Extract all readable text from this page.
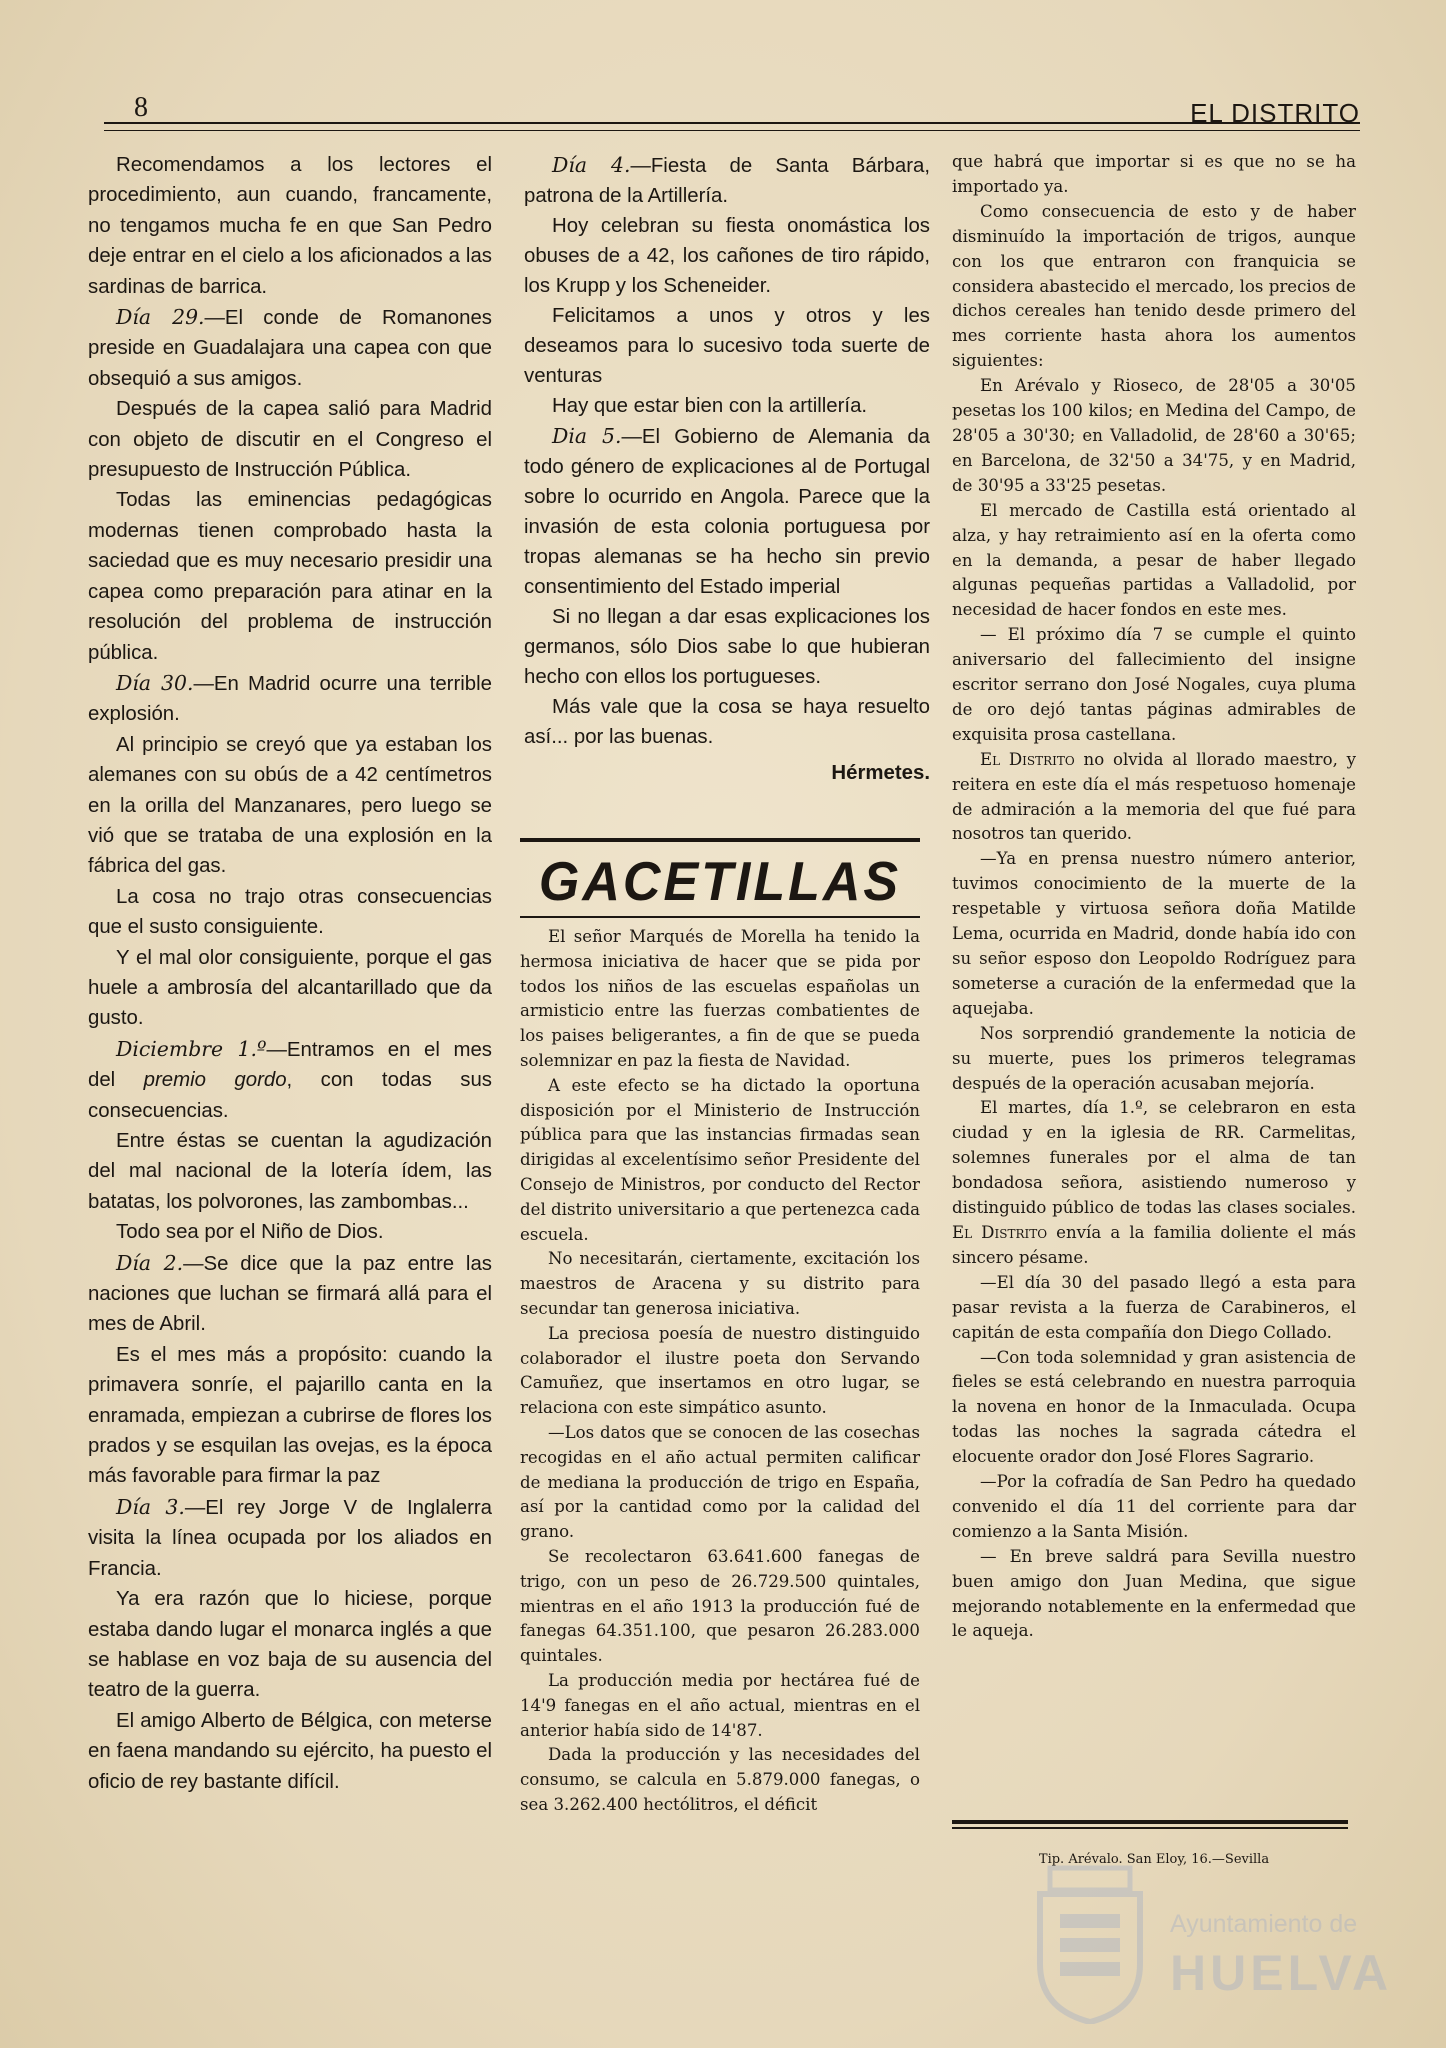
8	EL DISTRITO

Recomendamos a los lectores el procedimiento, aun cuando, francamente, no tengamos mucha fe en que San Pedro deje entrar en el cielo a los aficionados a las sardinas de barrica.

Día 29.—El conde de Romanones preside en Guadalajara una capea con que obsequió a sus amigos.

Después de la capea salió para Madrid con objeto de discutir en el Congreso el presupuesto de Instrucción Pública.

Todas las eminencias pedagógicas modernas tienen comprobado hasta la saciedad que es muy necesario presidir una capea como preparación para atinar en la resolución del problema de instrucción pública.

Día 30.—En Madrid ocurre una terrible explosión.

Al principio se creyó que ya estaban los alemanes con su obús de a 42 centímetros en la orilla del Manzanares, pero luego se vió que se trataba de una explosión en la fábrica del gas.

La cosa no trajo otras consecuencias que el susto consiguiente.

Y el mal olor consiguiente, porque el gas huele a ambrosía del alcantarillado que da gusto.

Diciembre 1.º—Entramos en el mes del premio gordo, con todas sus consecuencias.

Entre éstas se cuentan la agudización del mal nacional de la lotería ídem, las batatas, los polvorones, las zambombas...

Todo sea por el Niño de Dios.

Día 2.—Se dice que la paz entre las naciones que luchan se firmará allá para el mes de Abril.

Es el mes más a propósito: cuando la primavera sonríe, el pajarillo canta en la enramada, empiezan a cubrirse de flores los prados y se esquilan las ovejas, es la época más favorable para firmar la paz

Día 3.—El rey Jorge V de Inglalerra visita la línea ocupada por los aliados en Francia.

Ya era razón que lo hiciese, porque estaba dando lugar el monarca inglés a que se hablase en voz baja de su ausencia del teatro de la guerra.

El amigo Alberto de Bélgica, con meterse en faena mandando su ejército, ha puesto el oficio de rey bastante difícil.

Día 4.—Fiesta de Santa Bárbara, patrona de la Artillería.

Hoy celebran su fiesta onomástica los obuses de a 42, los cañones de tiro rápido, los Krupp y los Scheneider.

Felicitamos a unos y otros y les deseamos para lo sucesivo toda suerte de venturas

Hay que estar bien con la artillería.

Dia 5.—El Gobierno de Alemania da todo género de explicaciones al de Portugal sobre lo ocurrido en Angola. Parece que la invasión de esta colonia portuguesa por tropas alemanas se ha hecho sin previo consentimiento del Estado imperial

Si no llegan a dar esas explicaciones los germanos, sólo Dios sabe lo que hubieran hecho con ellos los portugueses.

Más vale que la cosa se haya resuelto así... por las buenas.

Hérmetes.

GACETILLAS

El señor Marqués de Morella ha tenido la hermosa iniciativa de hacer que se pida por todos los niños de las escuelas españolas un armisticio entre las fuerzas combatientes de los paises beligerantes, a fin de que se pueda solemnizar en paz la fiesta de Navidad.

A este efecto se ha dictado la oportuna disposición por el Ministerio de Instrucción pública para que las instancias firmadas sean dirigidas al excelentísimo señor Presidente del Consejo de Ministros, por conducto del Rector del distrito universitario a que pertenezca cada escuela.

No necesitarán, ciertamente, excitación los maestros de Aracena y su distrito para secundar tan generosa iniciativa.

La preciosa poesía de nuestro distinguido colaborador el ilustre poeta don Servando Camuñez, que insertamos en otro lugar, se relaciona con este simpático asunto.

—Los datos que se conocen de las cosechas recogidas en el año actual permiten calificar de mediana la producción de trigo en España, así por la cantidad como por la calidad del grano.

Se recolectaron 63.641.600 fanegas de trigo, con un peso de 26.729.500 quintales, mientras en el año 1913 la producción fué de fanegas 64.351.100, que pesaron 26.283.000 quintales.

La producción media por hectárea fué de 14'9 fanegas en el año actual, mientras en el anterior había sido de 14'87.

Dada la producción y las necesidades del consumo, se calcula en 5.879.000 fanegas, o sea 3.262.400 hectólitros, el déficit

que habrá que importar si es que no se ha importado ya.

Como consecuencia de esto y de haber disminuído la importación de trigos, aunque con los que entraron con franquicia se considera abastecido el mercado, los precios de dichos cereales han tenido desde primero del mes corriente hasta ahora los aumentos siguientes:

En Arévalo y Rioseco, de 28'05 a 30'05 pesetas los 100 kilos; en Medina del Campo, de 28'05 a 30'30; en Valladolid, de 28'60 a 30'65; en Barcelona, de 32'50 a 34'75, y en Madrid, de 30'95 a 33'25 pesetas.

El mercado de Castilla está orientado al alza, y hay retraimiento así en la oferta como en la demanda, a pesar de haber llegado algunas pequeñas partidas a Valladolid, por necesidad de hacer fondos en este mes.

— El próximo día 7 se cumple el quinto aniversario del fallecimiento del insigne escritor serrano don José Nogales, cuya pluma de oro dejó tantas páginas admirables de exquisita prosa castellana.

El Distrito no olvida al llorado maestro, y reitera en este día el más respetuoso homenaje de admiración a la memoria del que fué para nosotros tan querido.

—Ya en prensa nuestro número anterior, tuvimos conocimiento de la muerte de la respetable y virtuosa señora doña Matilde Lema, ocurrida en Madrid, donde había ido con su señor esposo don Leopoldo Rodríguez para someterse a curación de la enfermedad que la aquejaba.

Nos sorprendió grandemente la noticia de su muerte, pues los primeros telegramas después de la operación acusaban mejoría.

El martes, día 1.º, se celebraron en esta ciudad y en la iglesia de RR. Carmelitas, solemnes funerales por el alma de tan bondadosa señora, asistiendo numeroso y distinguido público de todas las clases sociales. El Distrito envía a la familia doliente el más sincero pésame.

—El día 30 del pasado llegó a esta para pasar revista a la fuerza de Carabineros, el capitán de esta compañía don Diego Collado.

—Con toda solemnidad y gran asistencia de fieles se está celebrando en nuestra parroquia la novena en honor de la Inmaculada. Ocupa todas las noches la sagrada cátedra el elocuente orador don José Flores Sagrario.

—Por la cofradía de San Pedro ha quedado convenido el día 11 del corriente para dar comienzo a la Santa Misión.

— En breve saldrá para Sevilla nuestro buen amigo don Juan Medina, que sigue mejorando notablemente en la enfermedad que le aqueja.

Tip. Arévalo. San Eloy, 16.—Sevilla
Ayuntamiento de
HUELVA
